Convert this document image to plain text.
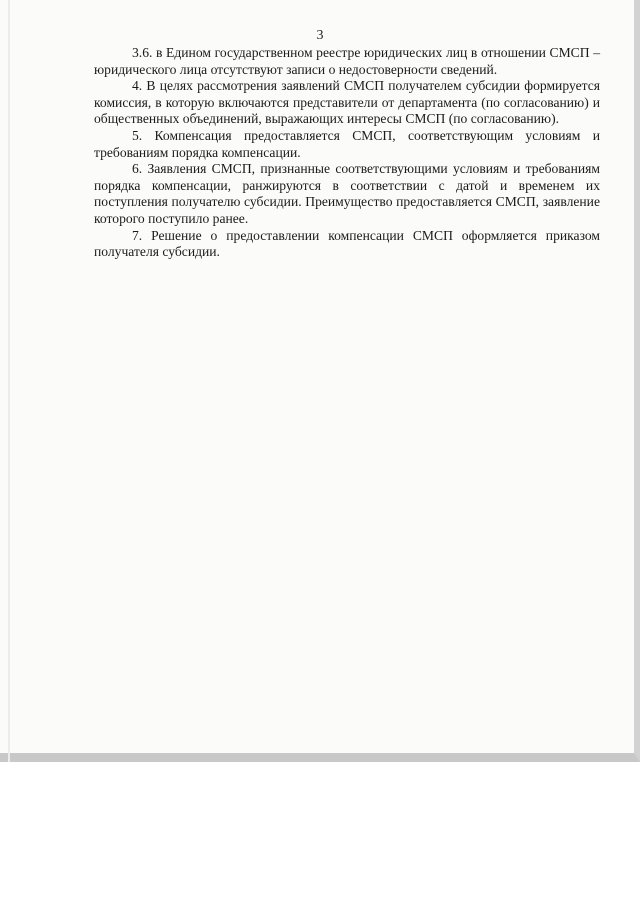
3

3.6. в Едином государственном реестре юридических лиц в отношении СМСП – юридического лица отсутствуют записи о недостоверности сведений.

4. В целях рассмотрения заявлений СМСП получателем субсидии формируется комиссия, в которую включаются представители от департамента (по согласованию) и общественных объединений, выражающих интересы СМСП (по согласованию).

5. Компенсация предоставляется СМСП, соответствующим условиям и требованиям порядка компенсации.

6. Заявления СМСП, признанные соответствующими условиям и требованиям порядка компенсации, ранжируются в соответствии с датой и временем их поступления получателю субсидии. Преимущество предоставляется СМСП, заявление которого поступило ранее.

7. Решение о предоставлении компенсации СМСП оформляется приказом получателя субсидии.
